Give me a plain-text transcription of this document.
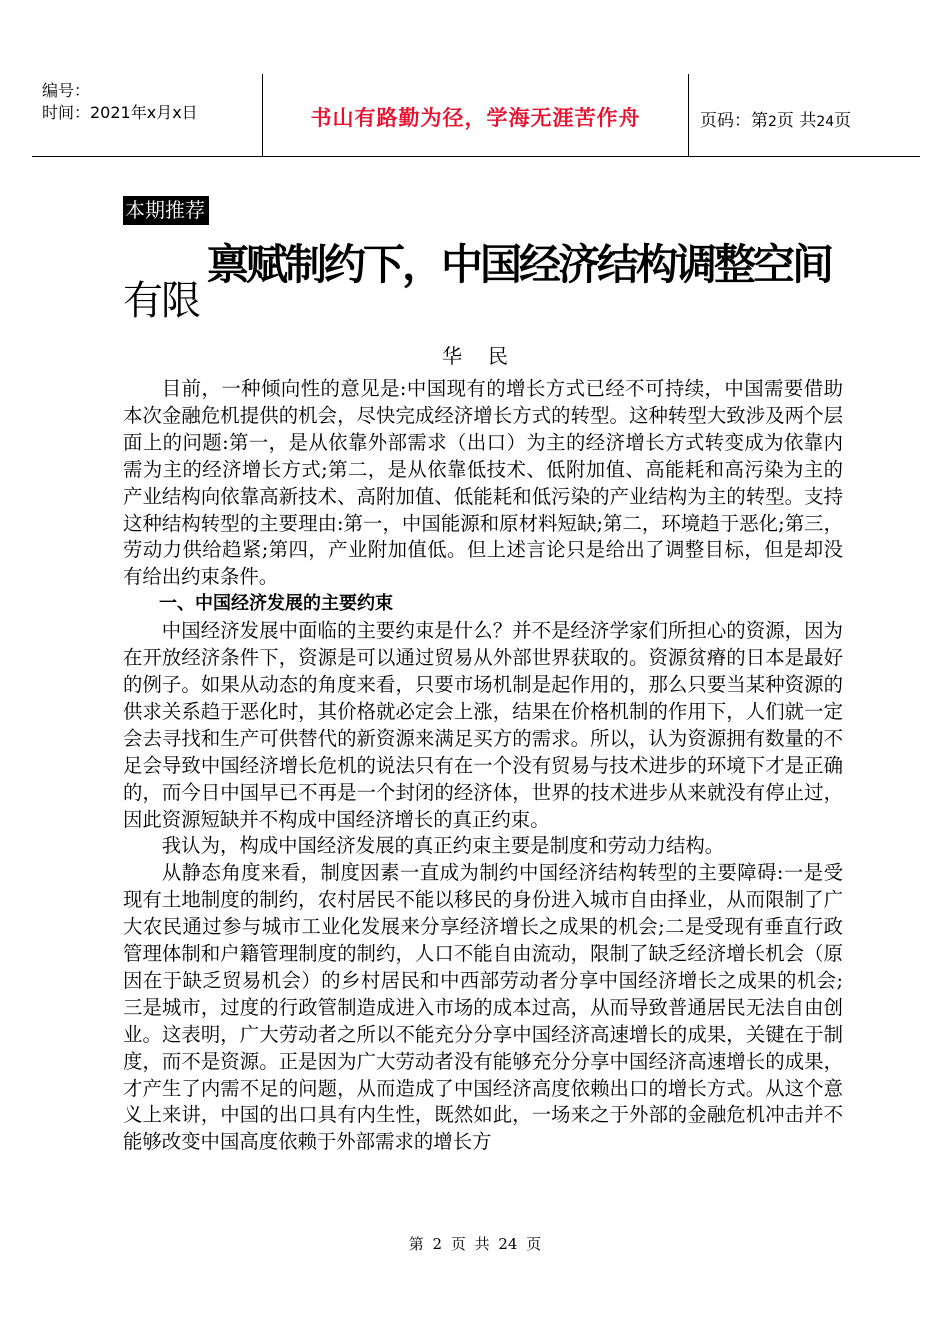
编号：
时间：2021年x月x日	书山有路勤为径，学海无涯苦作舟	页码：第2页 共24页
本期推荐
禀赋制约下，中国经济结构调整空间
有限
华民

目前，一种倾向性的意见是:中国现有的增长方式已经不可持续，中国需要借助本次金融危机提供的机会，尽快完成经济增长方式的转型。这种转型大致涉及两个层面上的问题:第一，是从依靠外部需求（出口）为主的经济增长方式转变成为依靠内需为主的经济增长方式;第二，是从依靠低技术、低附加值、高能耗和高污染为主的产业结构向依靠高新技术、高附加值、低能耗和低污染的产业结构为主的转型。支持这种结构转型的主要理由:第一，中国能源和原材料短缺;第二，环境趋于恶化;第三，劳动力供给趋紧;第四，产业附加值低。但上述言论只是给出了调整目标，但是却没有给出约束条件。

一、中国经济发展的主要约束

中国经济发展中面临的主要约束是什么？并不是经济学家们所担心的资源，因为在开放经济条件下，资源是可以通过贸易从外部世界获取的。资源贫瘠的日本是最好的例子。如果从动态的角度来看，只要市场机制是起作用的，那么只要当某种资源的供求关系趋于恶化时，其价格就必定会上涨，结果在价格机制的作用下，人们就一定会去寻找和生产可供替代的新资源来满足买方的需求。所以，认为资源拥有数量的不足会导致中国经济增长危机的说法只有在一个没有贸易与技术进步的环境下才是正确的，而今日中国早已不再是一个封闭的经济体，世界的技术进步从来就没有停止过，因此资源短缺并不构成中国经济增长的真正约束。

我认为，构成中国经济发展的真正约束主要是制度和劳动力结构。

从静态角度来看，制度因素一直成为制约中国经济结构转型的主要障碍:一是受现有土地制度的制约，农村居民不能以移民的身份进入城市自由择业，从而限制了广大农民通过参与城市工业化发展来分享经济增长之成果的机会;二是受现有垂直行政管理体制和户籍管理制度的制约，人口不能自由流动，限制了缺乏经济增长机会（原因在于缺乏贸易机会）的乡村居民和中西部劳动者分享中国经济增长之成果的机会;三是城市，过度的行政管制造成进入市场的成本过高，从而导致普通居民无法自由创业。这表明，广大劳动者之所以不能充分分享中国经济高速增长的成果，关键在于制度，而不是资源。正是因为广大劳动者没有能够充分分享中国经济高速增长的成果，才产生了内需不足的问题，从而造成了中国经济高度依赖出口的增长方式。从这个意义上来讲，中国的出口具有内生性，既然如此，一场来之于外部的金融危机冲击并不能够改变中国高度依赖于外部需求的增长方

第 2 页 共 24 页
